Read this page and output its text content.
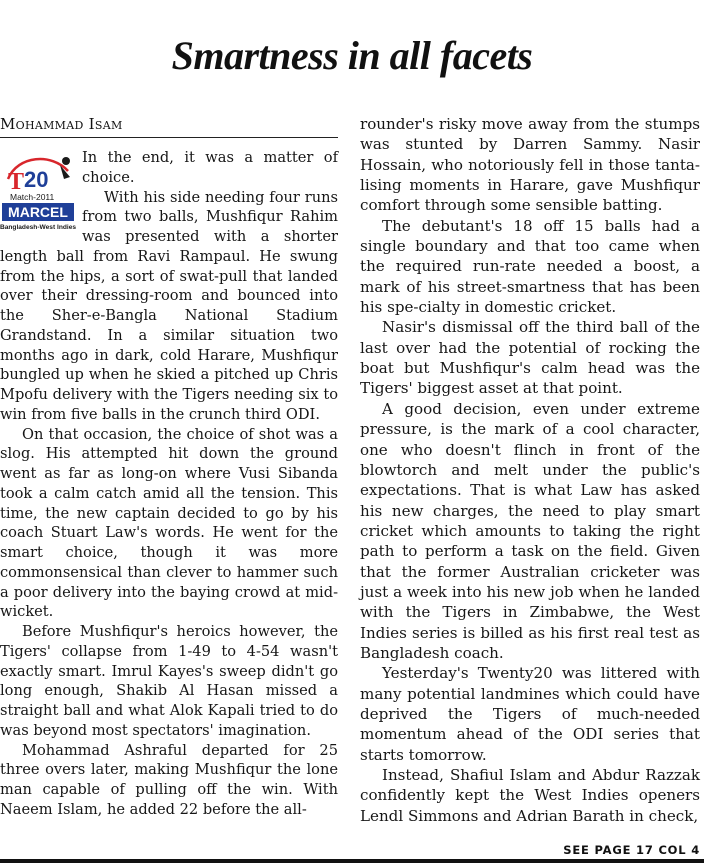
Smartness in all facets
Mohammad Isam
T 20
Match-2011
MARCEL
Bangladesh-West Indies

In the end, it was a matter of choice.

With his side needing four runs from two balls, Mushfiqur Rahim was presented with a shorter length ball from Ravi Rampaul. He swung from the hips, a sort of swat-pull that landed over their dressing-room and bounced into the Sher-e-Bangla National Stadium Grandstand. In a similar situation two months ago in dark, cold Harare, Mushfiqur bungled up when he skied a pitched up Chris Mpofu delivery with the Tigers needing six to win from five balls in the crunch third ODI.

On that occasion, the choice of shot was a slog. His attempted hit down the ground went as far as long-on where Vusi Sibanda took a calm catch amid all the tension. This time, the new captain decided to go by his coach Stuart Law's words. He went for the smart choice, though it was more commonsensical than clever to hammer such a poor delivery into the baying crowd at mid-wicket.

Before Mushfiqur's heroics however, the Tigers' collapse from 1-49 to 4-54 wasn't exactly smart. Imrul Kayes's sweep didn't go long enough, Shakib Al Hasan missed a straight ball and what Alok Kapali tried to do was beyond most spectators' imagination.

Mohammad Ashraful departed for 25 three overs later, making Mushfiqur the lone man capable of pulling off the win. With Naeem Islam, he added 22 before the all-

rounder's risky move away from the stumps was stunted by Darren Sammy. Nasir Hossain, who notoriously fell in those tanta-lising moments in Harare, gave Mushfiqur comfort through some sensible batting.

The debutant's 18 off 15 balls had a single boundary and that too came when the required run-rate needed a boost, a mark of his street-smartness that has been his spe-cialty in domestic cricket.

Nasir's dismissal off the third ball of the last over had the potential of rocking the boat but Mushfiqur's calm head was the Tigers' biggest asset at that point.

A good decision, even under extreme pressure, is the mark of a cool character, one who doesn't flinch in front of the blowtorch and melt under the public's expectations. That is what Law has asked his new charges, the need to play smart cricket which amounts to taking the right path to perform a task on the field. Given that the former Australian cricketer was just a week into his new job when he landed with the Tigers in Zimbabwe, the West Indies series is billed as his first real test as Bangladesh coach.

Yesterday's Twenty20 was littered with many potential landmines which could have deprived the Tigers of much-needed momentum ahead of the ODI series that starts tomorrow.

Instead, Shafiul Islam and Abdur Razzak confidently kept the West Indies openers Lendl Simmons and Adrian Barath in check,

SEE PAGE 17 COL 4
